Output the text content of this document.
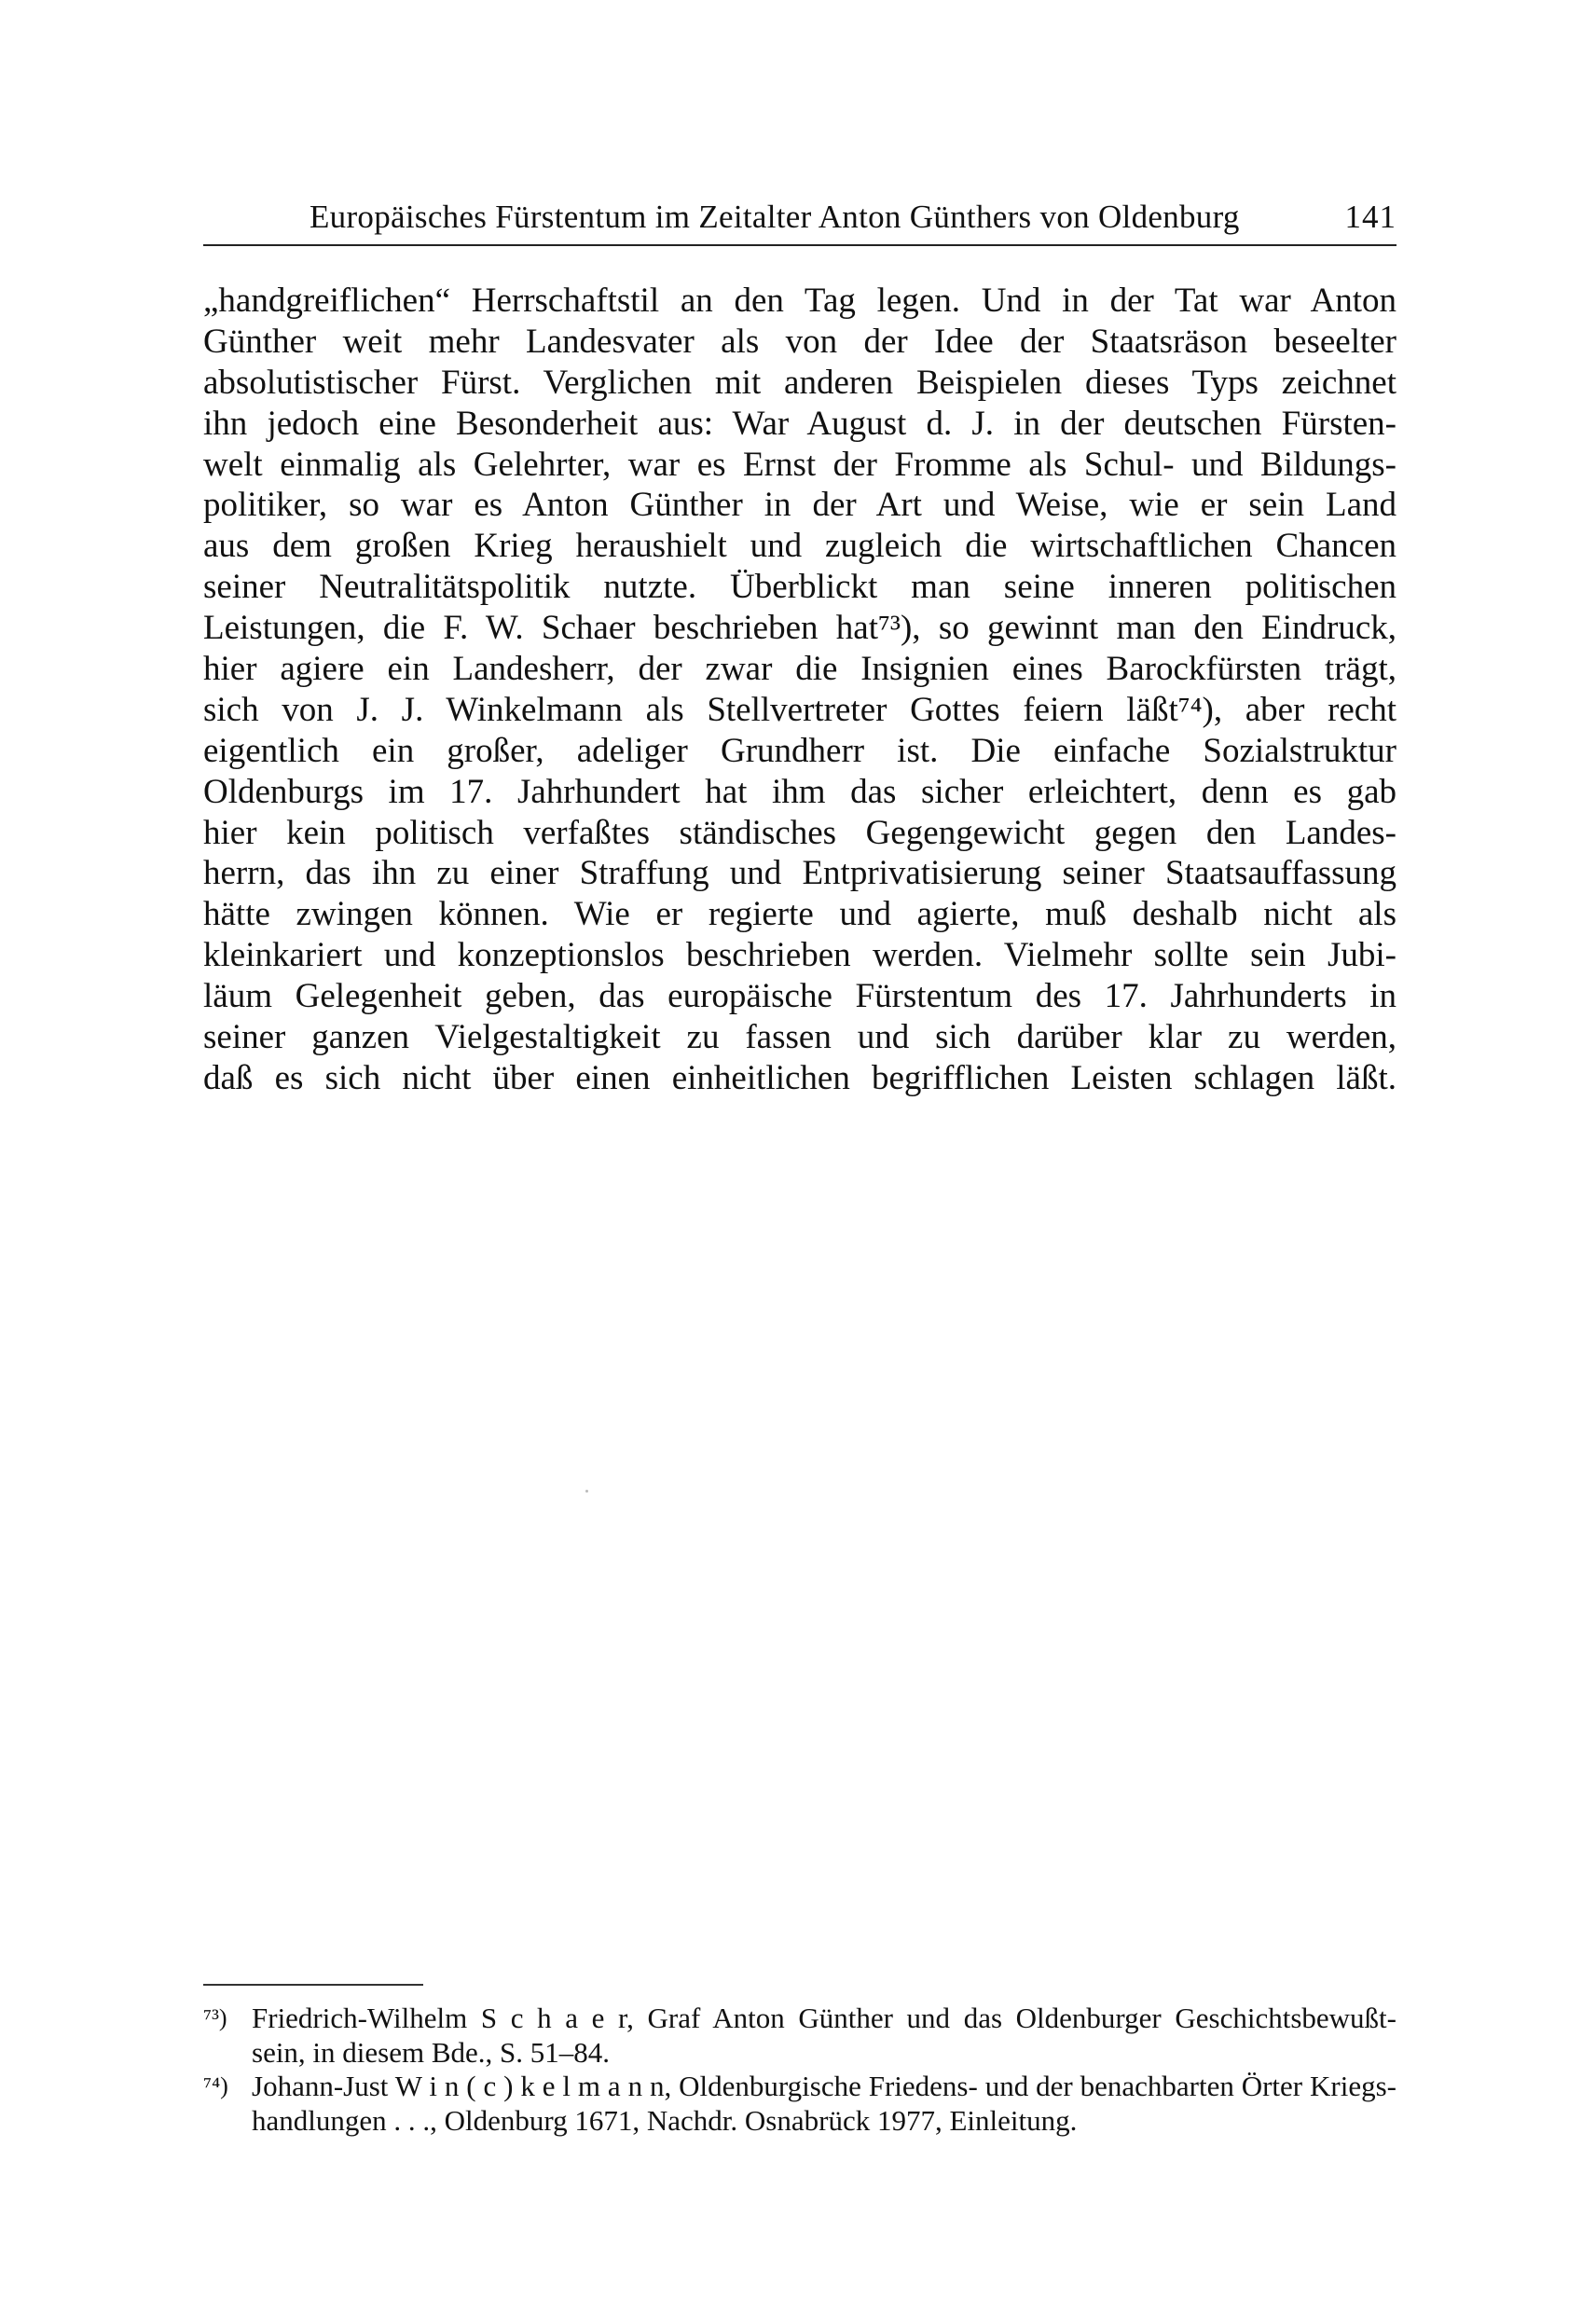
Europäisches Fürstentum im Zeitalter Anton Günthers von Oldenburg	141
„handgreiflichen“ Herrschaftstil an den Tag legen. Und in der Tat war Anton
Günther weit mehr Landesvater als von der Idee der Staatsräson beseelter
absolutistischer Fürst. Verglichen mit anderen Beispielen dieses Typs zeichnet
ihn jedoch eine Besonderheit aus: War August d. J. in der deutschen Fürsten-
welt einmalig als Gelehrter, war es Ernst der Fromme als Schul- und Bildungs-
politiker, so war es Anton Günther in der Art und Weise, wie er sein Land
aus dem großen Krieg heraushielt und zugleich die wirtschaftlichen Chancen
seiner Neutralitätspolitik nutzte. Überblickt man seine inneren politischen
Leistungen, die F. W. Schaer beschrieben hat⁷³), so gewinnt man den Eindruck,
hier agiere ein Landesherr, der zwar die Insignien eines Barockfürsten trägt,
sich von J. J. Winkelmann als Stellvertreter Gottes feiern läßt⁷⁴), aber recht
eigentlich ein großer, adeliger Grundherr ist. Die einfache Sozialstruktur
Oldenburgs im 17. Jahrhundert hat ihm das sicher erleichtert, denn es gab
hier kein politisch verfaßtes ständisches Gegengewicht gegen den Landes-
herrn, das ihn zu einer Straffung und Entprivatisierung seiner Staatsauffassung
hätte zwingen können. Wie er regierte und agierte, muß deshalb nicht als
kleinkariert und konzeptionslos beschrieben werden. Vielmehr sollte sein Jubi-
läum Gelegenheit geben, das europäische Fürstentum des 17. Jahrhunderts in
seiner ganzen Vielgestaltigkeit zu fassen und sich darüber klar zu werden,
daß es sich nicht über einen einheitlichen begrifflichen Leisten schlagen läßt.
⁷³) Friedrich-Wilhelm S c h a e r, Graf Anton Günther und das Oldenburger Geschichtsbewußt-
sein, in diesem Bde., S. 51–84.
⁷⁴) Johann-Just W i n ( c ) k e l m a n n, Oldenburgische Friedens- und der benachbarten Örter Kriegs-
handlungen . . ., Oldenburg 1671, Nachdr. Osnabrück 1977, Einleitung.
